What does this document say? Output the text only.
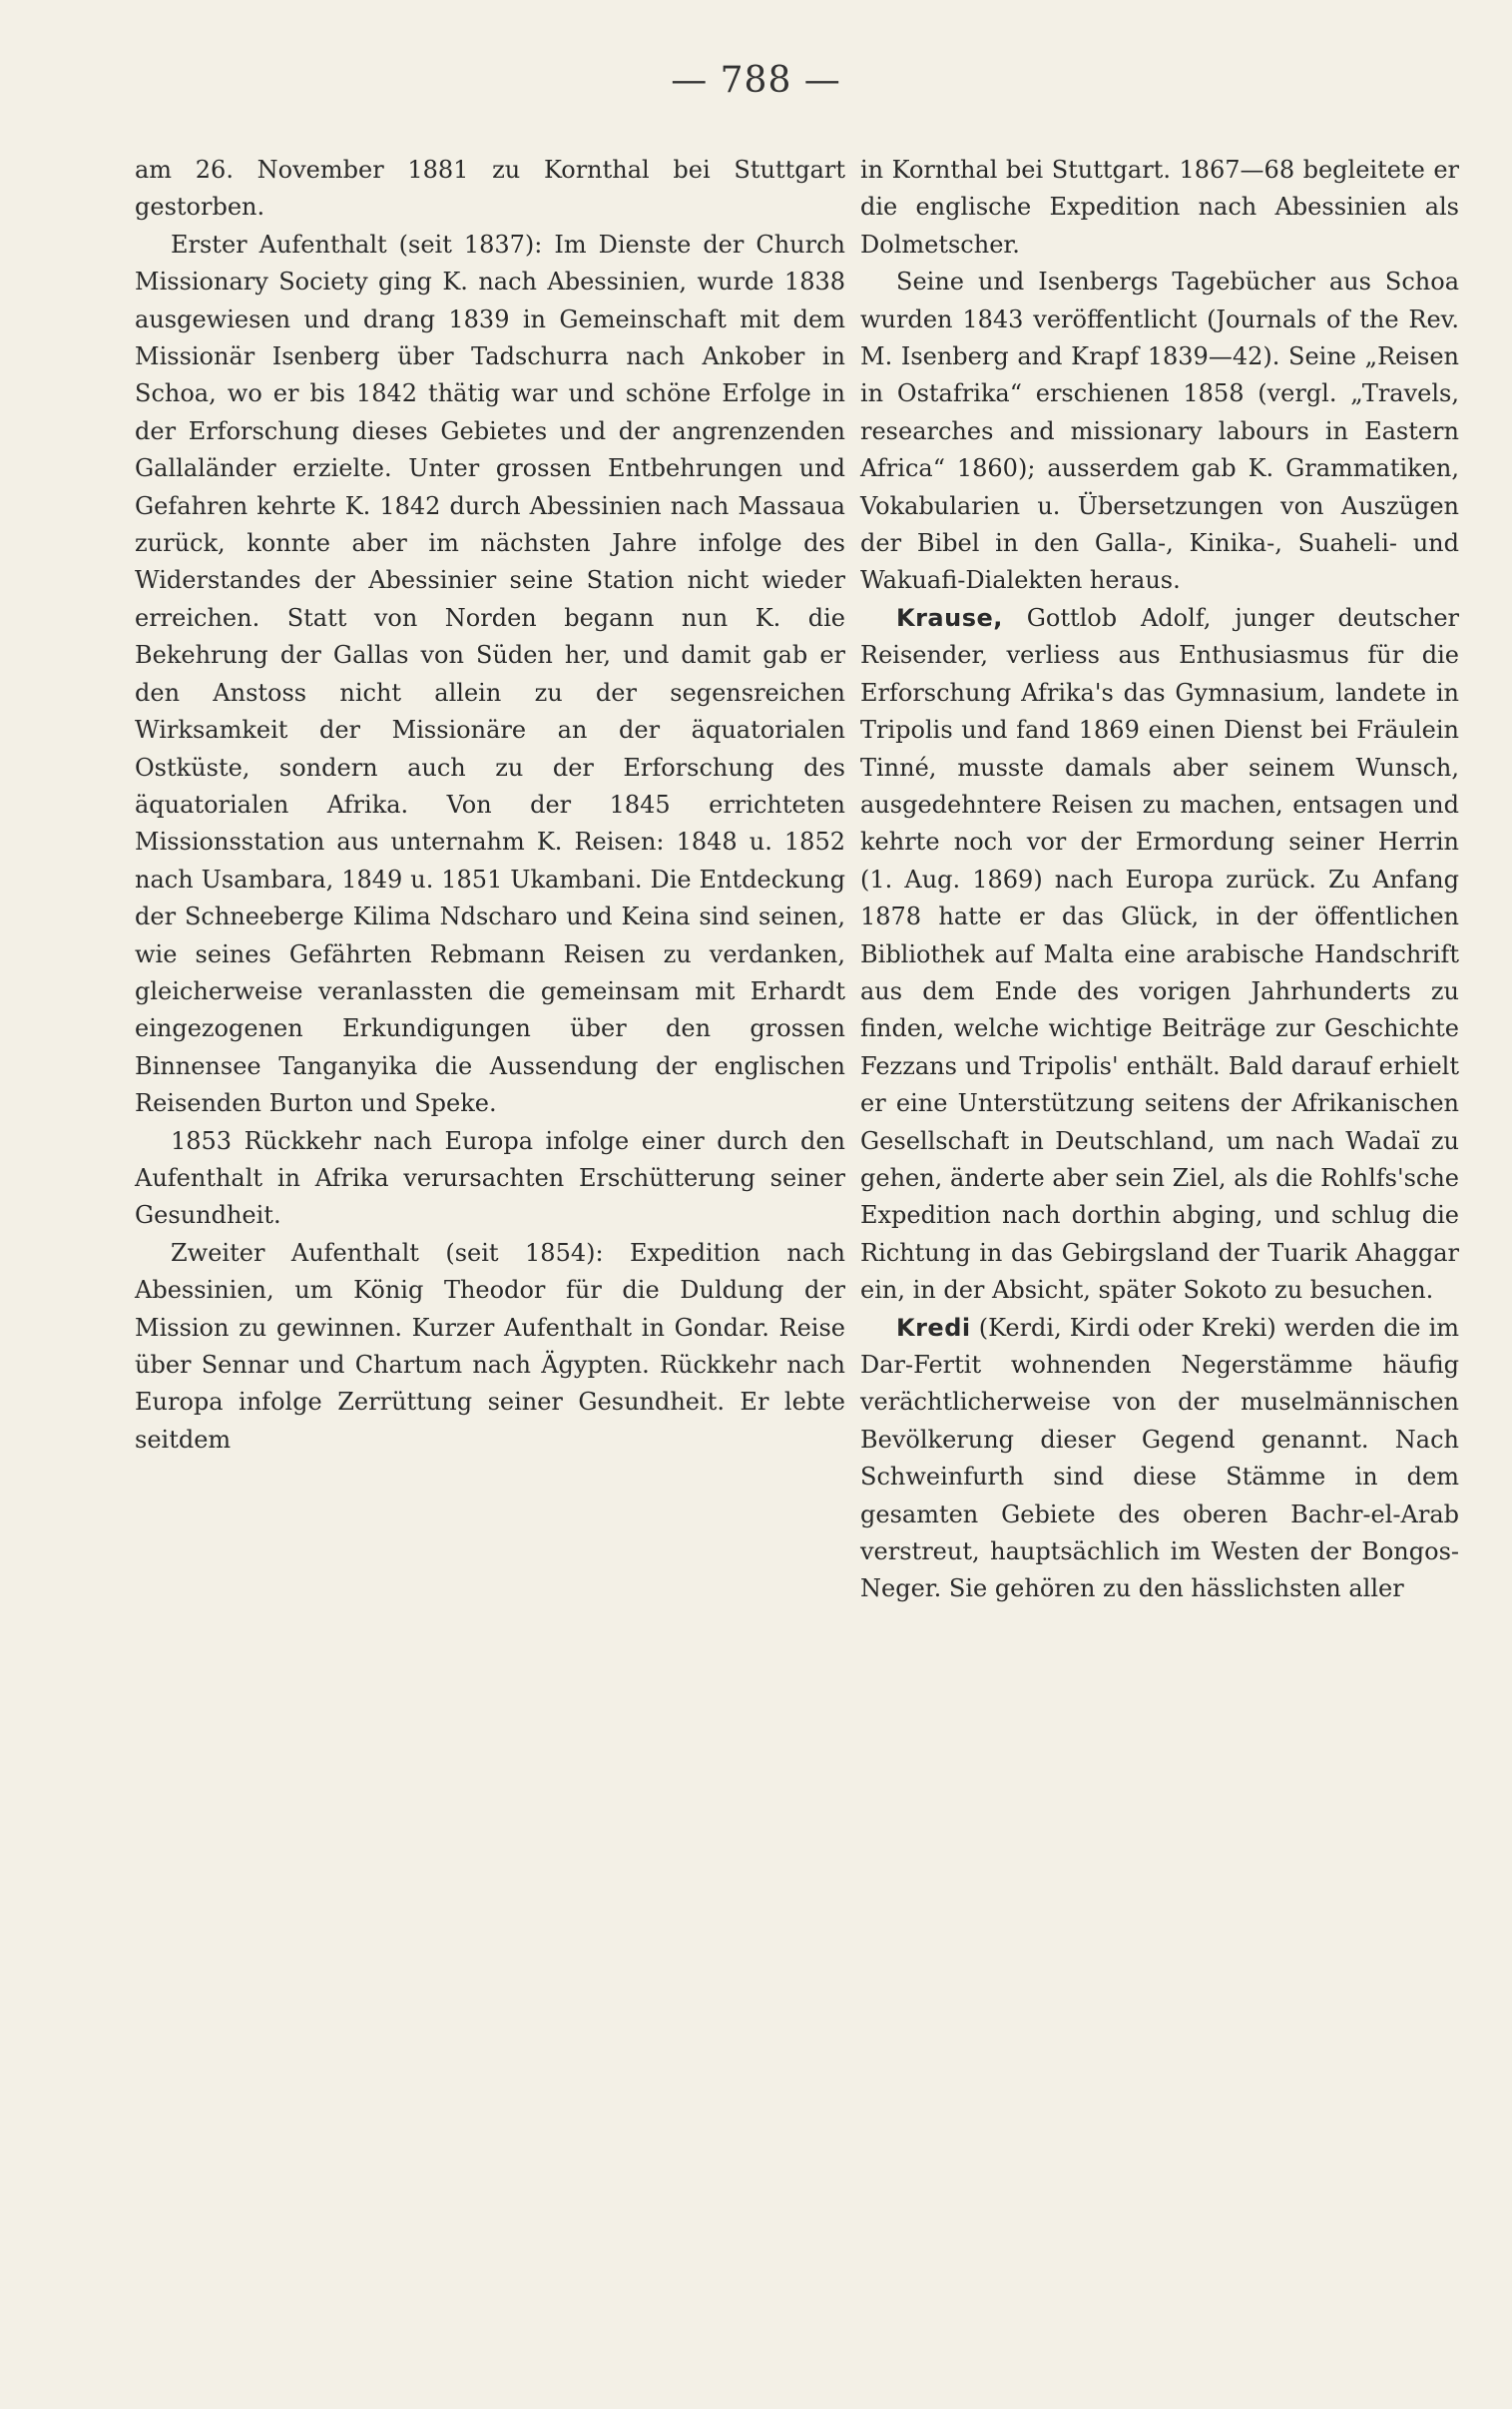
— 788 —

am 26. November 1881 zu Kornthal bei Stuttgart gestorben.

Erster Aufenthalt (seit 1837): Im Dienste der Church Missionary Society ging K. nach Abessinien, wurde 1838 ausgewiesen und drang 1839 in Gemeinschaft mit dem Missionär Isenberg über Tadschurra nach Ankober in Schoa, wo er bis 1842 thätig war und schöne Erfolge in der Erforschung dieses Gebietes und der angrenzenden Gallaländer erzielte. Unter grossen Entbehrungen und Gefahren kehrte K. 1842 durch Abessinien nach Massaua zurück, konnte aber im nächsten Jahre infolge des Widerstandes der Abessinier seine Station nicht wieder erreichen. Statt von Norden begann nun K. die Bekehrung der Gallas von Süden her, und damit gab er den Anstoss nicht allein zu der segensreichen Wirksamkeit der Missionäre an der äquatorialen Ostküste, sondern auch zu der Erforschung des äquatorialen Afrika. Von der 1845 errichteten Missionsstation aus unternahm K. Reisen: 1848 u. 1852 nach Usambara, 1849 u. 1851 Ukambani. Die Entdeckung der Schneeberge Kilima Ndscharo und Keina sind seinen, wie seines Gefährten Rebmann Reisen zu verdanken, gleicherweise veranlassten die gemeinsam mit Erhardt eingezogenen Erkundigungen über den grossen Binnensee Tanganyika die Aussendung der englischen Reisenden Burton und Speke.

1853 Rückkehr nach Europa infolge einer durch den Aufenthalt in Afrika verursachten Erschütterung seiner Gesundheit.

Zweiter Aufenthalt (seit 1854): Expedition nach Abessinien, um König Theodor für die Duldung der Mission zu gewinnen. Kurzer Aufenthalt in Gondar. Reise über Sennar und Chartum nach Ägypten. Rückkehr nach Europa infolge Zerrüttung seiner Gesundheit. Er lebte seitdem

in Kornthal bei Stuttgart. 1867—68 begleitete er die englische Expedition nach Abessinien als Dolmetscher.

Seine und Isenbergs Tagebücher aus Schoa wurden 1843 veröffentlicht (Journals of the Rev. M. Isenberg and Krapf 1839—42). Seine „Reisen in Ostafrika“ erschienen 1858 (vergl. „Travels, researches and missionary labours in Eastern Africa“ 1860); ausserdem gab K. Grammatiken, Vokabularien u. Übersetzungen von Auszügen der Bibel in den Galla-, Kinika-, Suaheli- und Wakuafi-Dialekten heraus.

Krause, Gottlob Adolf, junger deutscher Reisender, verliess aus Enthusiasmus für die Erforschung Afrika's das Gymnasium, landete in Tripolis und fand 1869 einen Dienst bei Fräulein Tinné, musste damals aber seinem Wunsch, ausgedehntere Reisen zu machen, entsagen und kehrte noch vor der Ermordung seiner Herrin (1. Aug. 1869) nach Europa zurück. Zu Anfang 1878 hatte er das Glück, in der öffentlichen Bibliothek auf Malta eine arabische Handschrift aus dem Ende des vorigen Jahrhunderts zu finden, welche wichtige Beiträge zur Geschichte Fezzans und Tripolis' enthält. Bald darauf erhielt er eine Unterstützung seitens der Afrikanischen Gesellschaft in Deutschland, um nach Wadaï zu gehen, änderte aber sein Ziel, als die Rohlfs'sche Expedition nach dorthin abging, und schlug die Richtung in das Gebirgsland der Tuarik Ahaggar ein, in der Absicht, später Sokoto zu besuchen.

Kredi (Kerdi, Kirdi oder Kreki) werden die im Dar-Fertit wohnenden Negerstämme häufig verächtlicherweise von der muselmännischen Bevölkerung dieser Gegend genannt. Nach Schweinfurth sind diese Stämme in dem gesamten Gebiete des oberen Bachr-el-Arab verstreut, hauptsächlich im Westen der Bongos-Neger. Sie gehören zu den hässlichsten aller
